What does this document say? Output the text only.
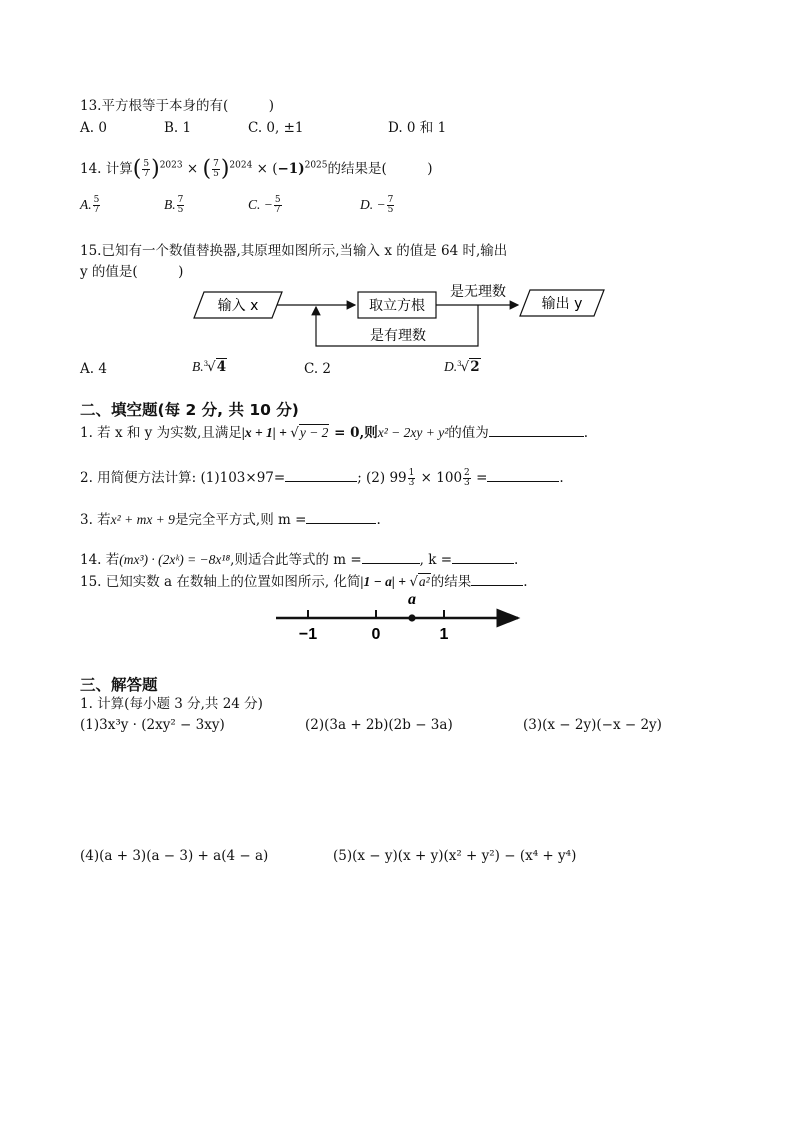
13.平方根等于本身的有(　　　)
A. 0	B. 1	C. 0, ±1	D. 0 和 1
14. 计算( $\frac{5}{7} )^{2023}$ × ( $\frac{7}{5} )^{2024} \times (-1)^{2025}$的结果是(　　　)
A. $\frac{5}{7}$	B. $\frac{7}{5}$	C. − $\frac{5}{7}$	D. − $\frac{7}{5}$
15.已知有一个数值替换器,其原理如图所示,当输入 x 的值是 64 时,输出
y 的值是(　　　)
输入 x	取立方根
是无理数
输出 y
是有理数
A. 4	B.$^3$√4	C. 2	D.$^3$√2
二、填空题(每 2 分, 共 10 分)
1. 若 x 和 y 为实数,且满足|x + 1| + √y − 2 = 0,则x² − 2xy + y²的值为	.
2. 用简便方法计算: (1)103×97=	; (2) $99 \frac{1}{3} \times 100 \frac{2}{3}$ =	.
3. 若x² + mx + 9是完全平方式,则 m =	.
14. 若(mx³) · (2xᵏ) = −8x¹⁸,则适合此等式的 m =	, k =	.
15. 已知实数 a 在数轴上的位置如图所示, 化简|1 − a| + √a²的结果	.
a
−1	0	1
三、解答题
1. 计算(每小题 3 分,共 24 分)
(1)3x³y · (2xy² − 3xy)	(2)(3a + 2b)(2b − 3a)	(3)(x − 2y)(−x − 2y)
(4)(a + 3)(a − 3) + a(4 − a)	(5)(x − y)(x + y)(x² + y²) − (x⁴ + y⁴)
